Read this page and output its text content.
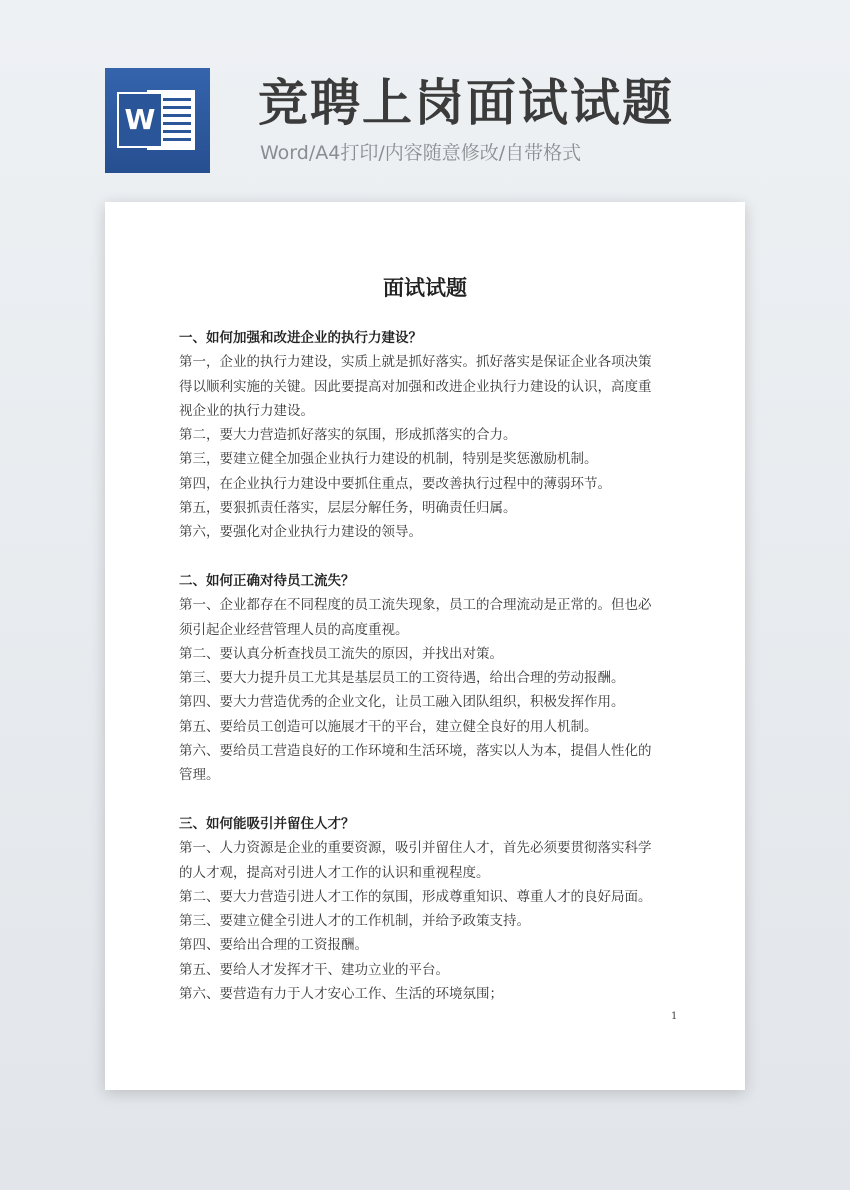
W 竞聘上岗面试试题
Word/A4打印/内容随意修改/自带格式
面试试题
一、如何加强和改进企业的执行力建设？
第一，企业的执行力建设，实质上就是抓好落实。抓好落实是保证企业各项决策
得以顺利实施的关键。因此要提高对加强和改进企业执行力建设的认识，高度重
视企业的执行力建设。
第二，要大力营造抓好落实的氛围，形成抓落实的合力。
第三，要建立健全加强企业执行力建设的机制，特别是奖惩激励机制。
第四，在企业执行力建设中要抓住重点，要改善执行过程中的薄弱环节。
第五，要狠抓责任落实，层层分解任务，明确责任归属。
第六，要强化对企业执行力建设的领导。
二、如何正确对待员工流失？
第一、企业都存在不同程度的员工流失现象，员工的合理流动是正常的。但也必
须引起企业经营管理人员的高度重视。
第二、要认真分析查找员工流失的原因，并找出对策。
第三、要大力提升员工尤其是基层员工的工资待遇，给出合理的劳动报酬。
第四、要大力营造优秀的企业文化，让员工融入团队组织，积极发挥作用。
第五、要给员工创造可以施展才干的平台，建立健全良好的用人机制。
第六、要给员工营造良好的工作环境和生活环境，落实以人为本，提倡人性化的
管理。
三、如何能吸引并留住人才？
第一、人力资源是企业的重要资源，吸引并留住人才，首先必须要贯彻落实科学
的人才观，提高对引进人才工作的认识和重视程度。
第二、要大力营造引进人才工作的氛围，形成尊重知识、尊重人才的良好局面。
第三、要建立健全引进人才的工作机制，并给予政策支持。
第四、要给出合理的工资报酬。
第五、要给人才发挥才干、建功立业的平台。
第六、要营造有力于人才安心工作、生活的环境氛围；
1
